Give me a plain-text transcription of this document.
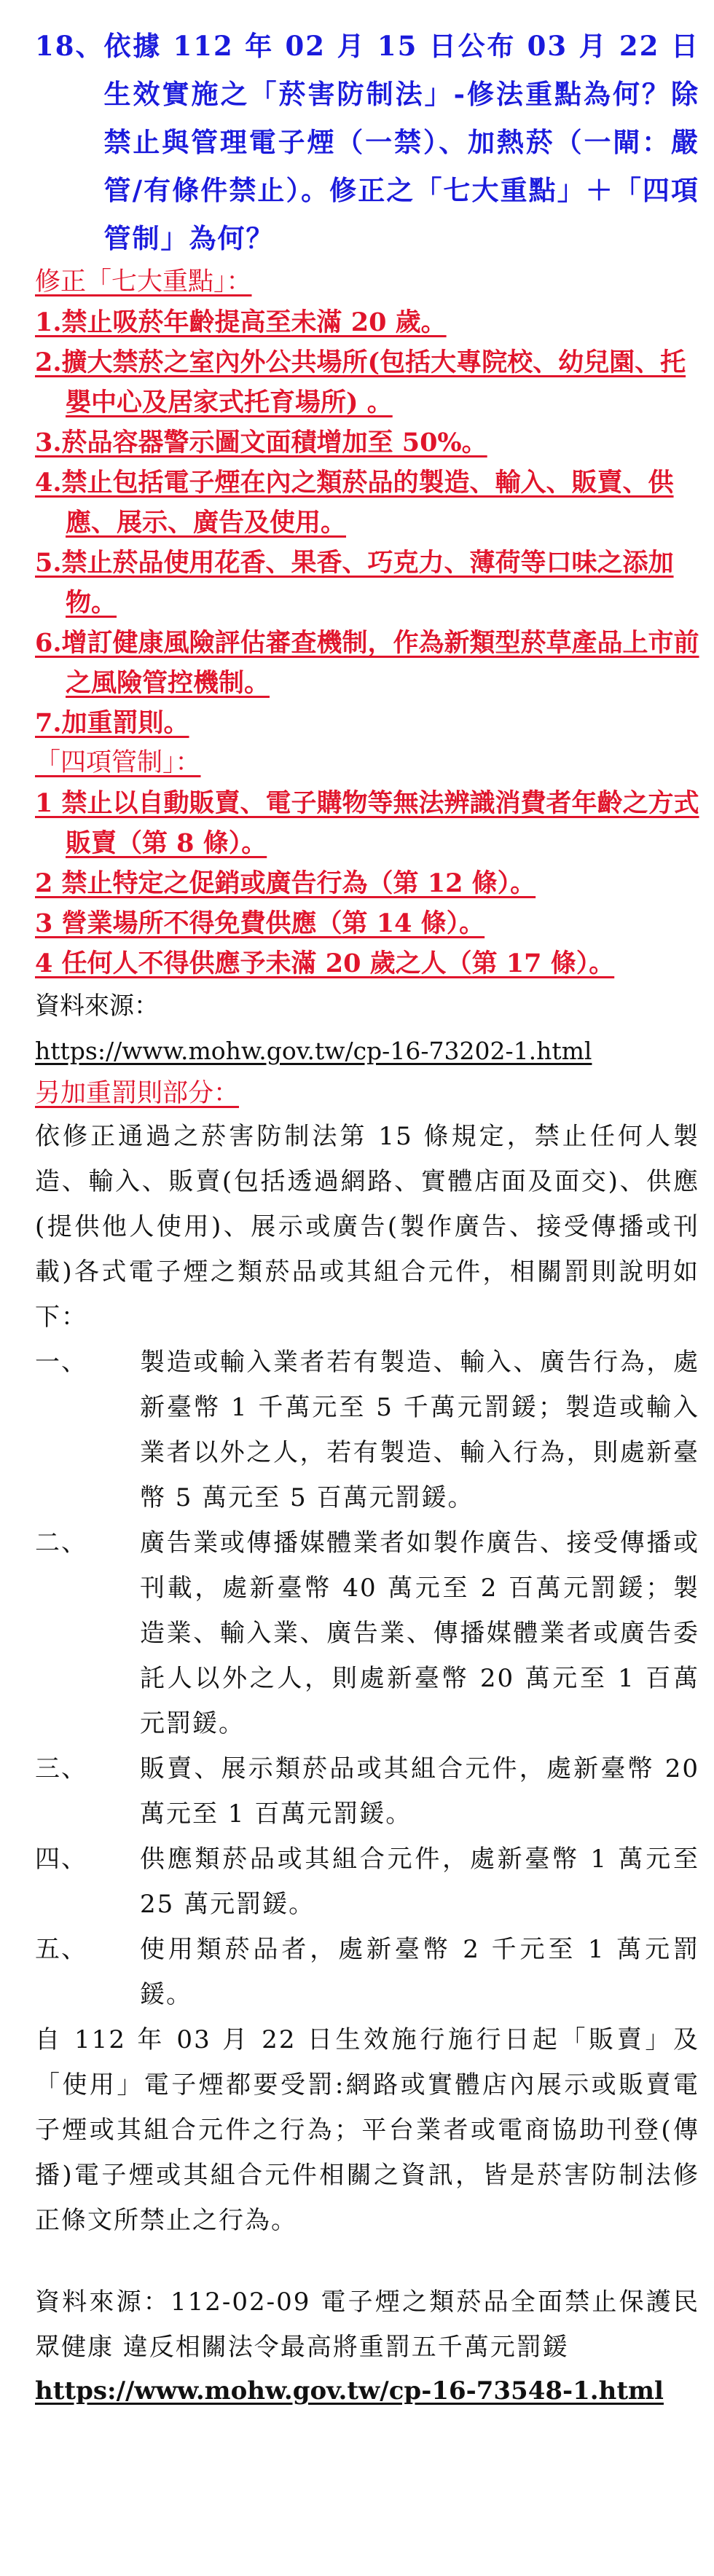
18、 依據 112 年 02 月 15 日公布 03 月 22 日生效實施之「菸害防制法」-修法重點為何？除禁止與管理電子煙（一禁）、加熱菸（一閘：嚴管/有條件禁止）。修正之「七大重點」＋「四項管制」為何？
修正「七大重點」：
1.禁止吸菸年齡提高至未滿 20 歲。
2.擴大禁菸之室內外公共場所(包括大專院校、幼兒園、托嬰中心及居家式托育場所) 。
3.菸品容器警示圖文面積增加至 50%。
4.禁止包括電子煙在內之類菸品的製造、輸入、販賣、供應、展示、廣告及使用。
5.禁止菸品使用花香、果香、巧克力、薄荷等口味之添加物。
6.增訂健康風險評估審查機制，作為新類型菸草產品上市前之風險管控機制。
7.加重罰則。
「四項管制」：
1 禁止以自動販賣、電子購物等無法辨識消費者年齡之方式販賣（第 8 條）。
2 禁止特定之促銷或廣告行為（第 12 條）。
3 營業場所不得免費供應（第 14 條）。
4 任何人不得供應予未滿 20 歲之人（第 17 條）。
資料來源：
https://www.mohw.gov.tw/cp-16-73202-1.html
另加重罰則部分：
依修正通過之菸害防制法第 15 條規定，禁止任何人製造、輸入、販賣(包括透過網路、實體店面及面交)、供應(提供他人使用)、展示或廣告(製作廣告、接受傳播或刊載)各式電子煙之類菸品或其組合元件，相關罰則說明如下：
一、	製造或輸入業者若有製造、輸入、廣告行為，處新臺幣 1 千萬元至 5 千萬元罰鍰；製造或輸入業者以外之人，若有製造、輸入行為，則處新臺幣 5 萬元至 5 百萬元罰鍰。
二、	廣告業或傳播媒體業者如製作廣告、接受傳播或刊載，處新臺幣 40 萬元至 2 百萬元罰鍰；製造業、輸入業、廣告業、傳播媒體業者或廣告委託人以外之人，則處新臺幣 20 萬元至 1 百萬元罰鍰。
三、	販賣、展示類菸品或其組合元件，處新臺幣 20 萬元至 1 百萬元罰鍰。
四、	供應類菸品或其組合元件，處新臺幣 1 萬元至 25 萬元罰鍰。
五、	使用類菸品者，處新臺幣 2 千元至 1 萬元罰鍰。
自 112 年 03 月 22 日生效施行施行日起「販賣」及「使用」電子煙都要受罰:網路或實體店內展示或販賣電子煙或其組合元件之行為；平台業者或電商協助刊登(傳播)電子煙或其組合元件相關之資訊，皆是菸害防制法修正條文所禁止之行為。
資料來源：112-02-09 電子煙之類菸品全面禁止保護民眾健康 違反相關法令最高將重罰五千萬元罰鍰
https://www.mohw.gov.tw/cp-16-73548-1.html
